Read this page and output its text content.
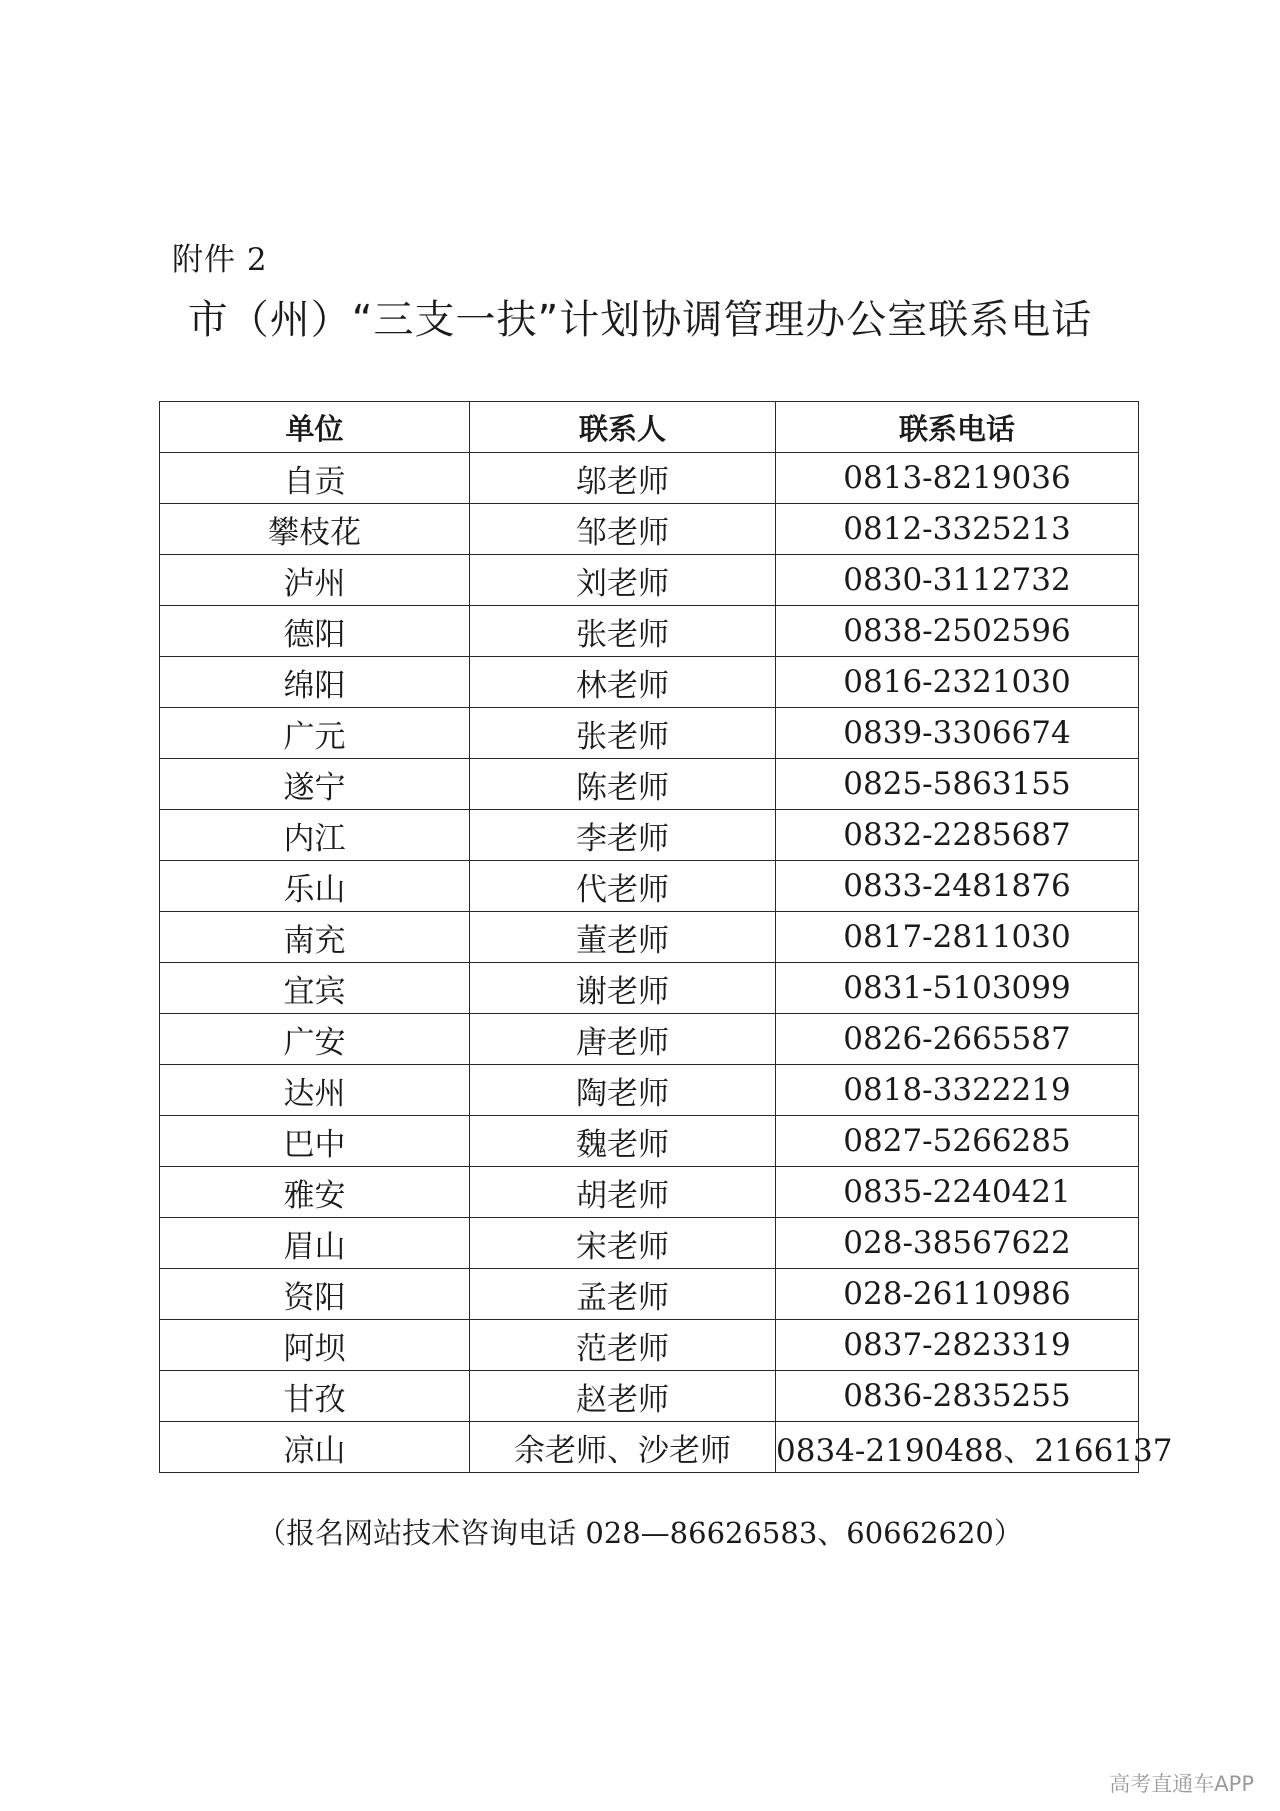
附件 2
市（州）“三支一扶”计划协调管理办公室联系电话
单位	联系人	联系电话
自贡	邬老师	0813-8219036
攀枝花	邹老师	0812-3325213
泸州	刘老师	0830-3112732
德阳	张老师	0838-2502596
绵阳	林老师	0816-2321030
广元	张老师	0839-3306674
遂宁	陈老师	0825-5863155
内江	李老师	0832-2285687
乐山	代老师	0833-2481876
南充	董老师	0817-2811030
宜宾	谢老师	0831-5103099
广安	唐老师	0826-2665587
达州	陶老师	0818-3322219
巴中	魏老师	0827-5266285
雅安	胡老师	0835-2240421
眉山	宋老师	028-38567622
资阳	孟老师	028-26110986
阿坝	范老师	0837-2823319
甘孜	赵老师	0836-2835255
凉山	余老师、沙老师	0834-2190488、2166137
（报名网站技术咨询电话 028—86626583、60662620）
高考直通车APP
